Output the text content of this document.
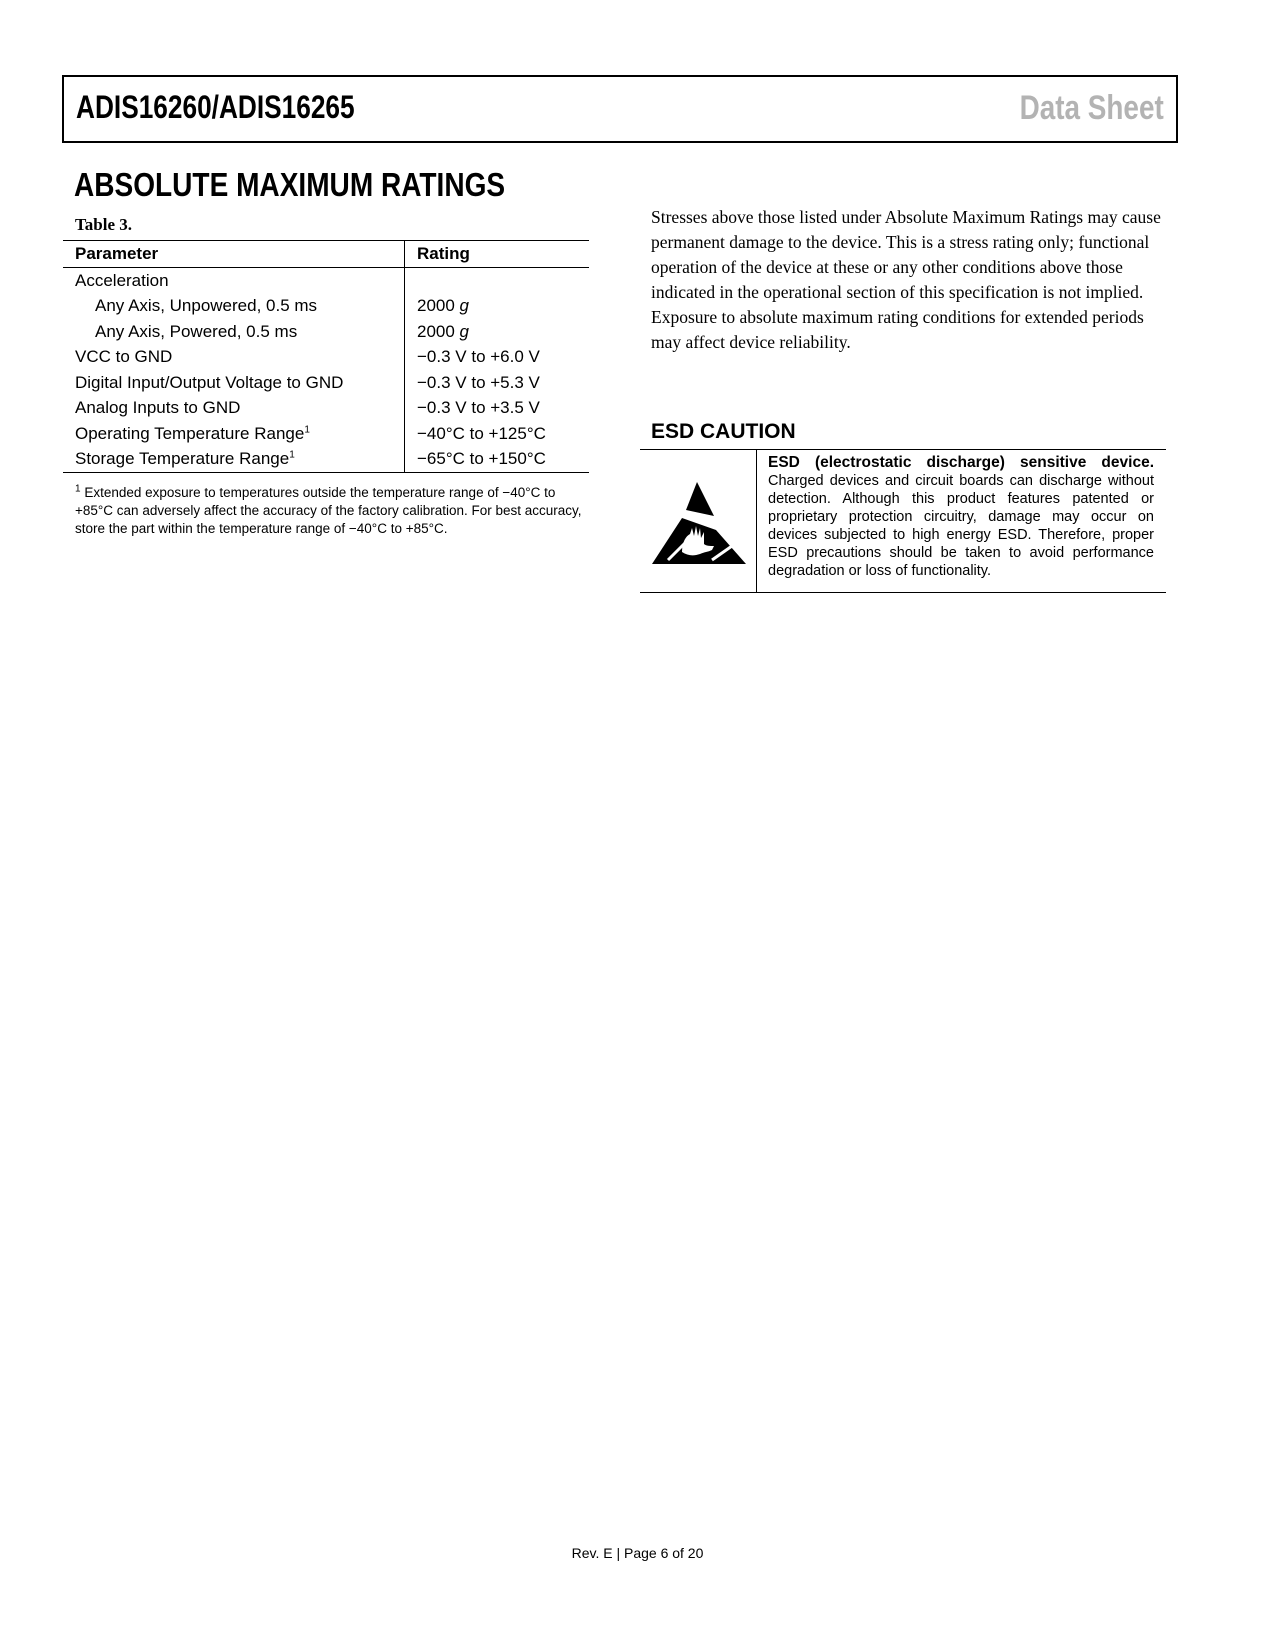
ADIS16260/ADIS16265	Data Sheet
ABSOLUTE MAXIMUM RATINGS
Table 3.
Parameter	Rating
Acceleration	
Any Axis, Unpowered, 0.5 ms	2000 g
Any Axis, Powered, 0.5 ms	2000 g
VCC to GND	−0.3 V to +6.0 V
Digital Input/Output Voltage to GND	−0.3 V to +5.3 V
Analog Inputs to GND	−0.3 V to +3.5 V
Operating Temperature Range$^1$	−40°C to +125°C
Storage Temperature Range$^1$	−65°C to +150°C
$^1$ Extended exposure to temperatures outside the temperature range of −40°C to +85°C can adversely affect the accuracy of the factory calibration. For best accuracy, store the part within the temperature range of −40°C to +85°C.
Stresses above those listed under Absolute Maximum Ratings may cause permanent damage to the device. This is a stress rating only; functional operation of the device at these or any other conditions above those indicated in the operational section of this specification is not implied. Exposure to absolute maximum rating conditions for extended periods may affect device reliability.
ESD CAUTION
ESD (electrostatic discharge) sensitive device. Charged devices and circuit boards can discharge without detection. Although this product features patented or proprietary protection circuitry, damage may occur on devices subjected to high energy ESD. Therefore, proper ESD precautions should be taken to avoid performance degradation or loss of functionality.
Rev. E | Page 6 of 20
